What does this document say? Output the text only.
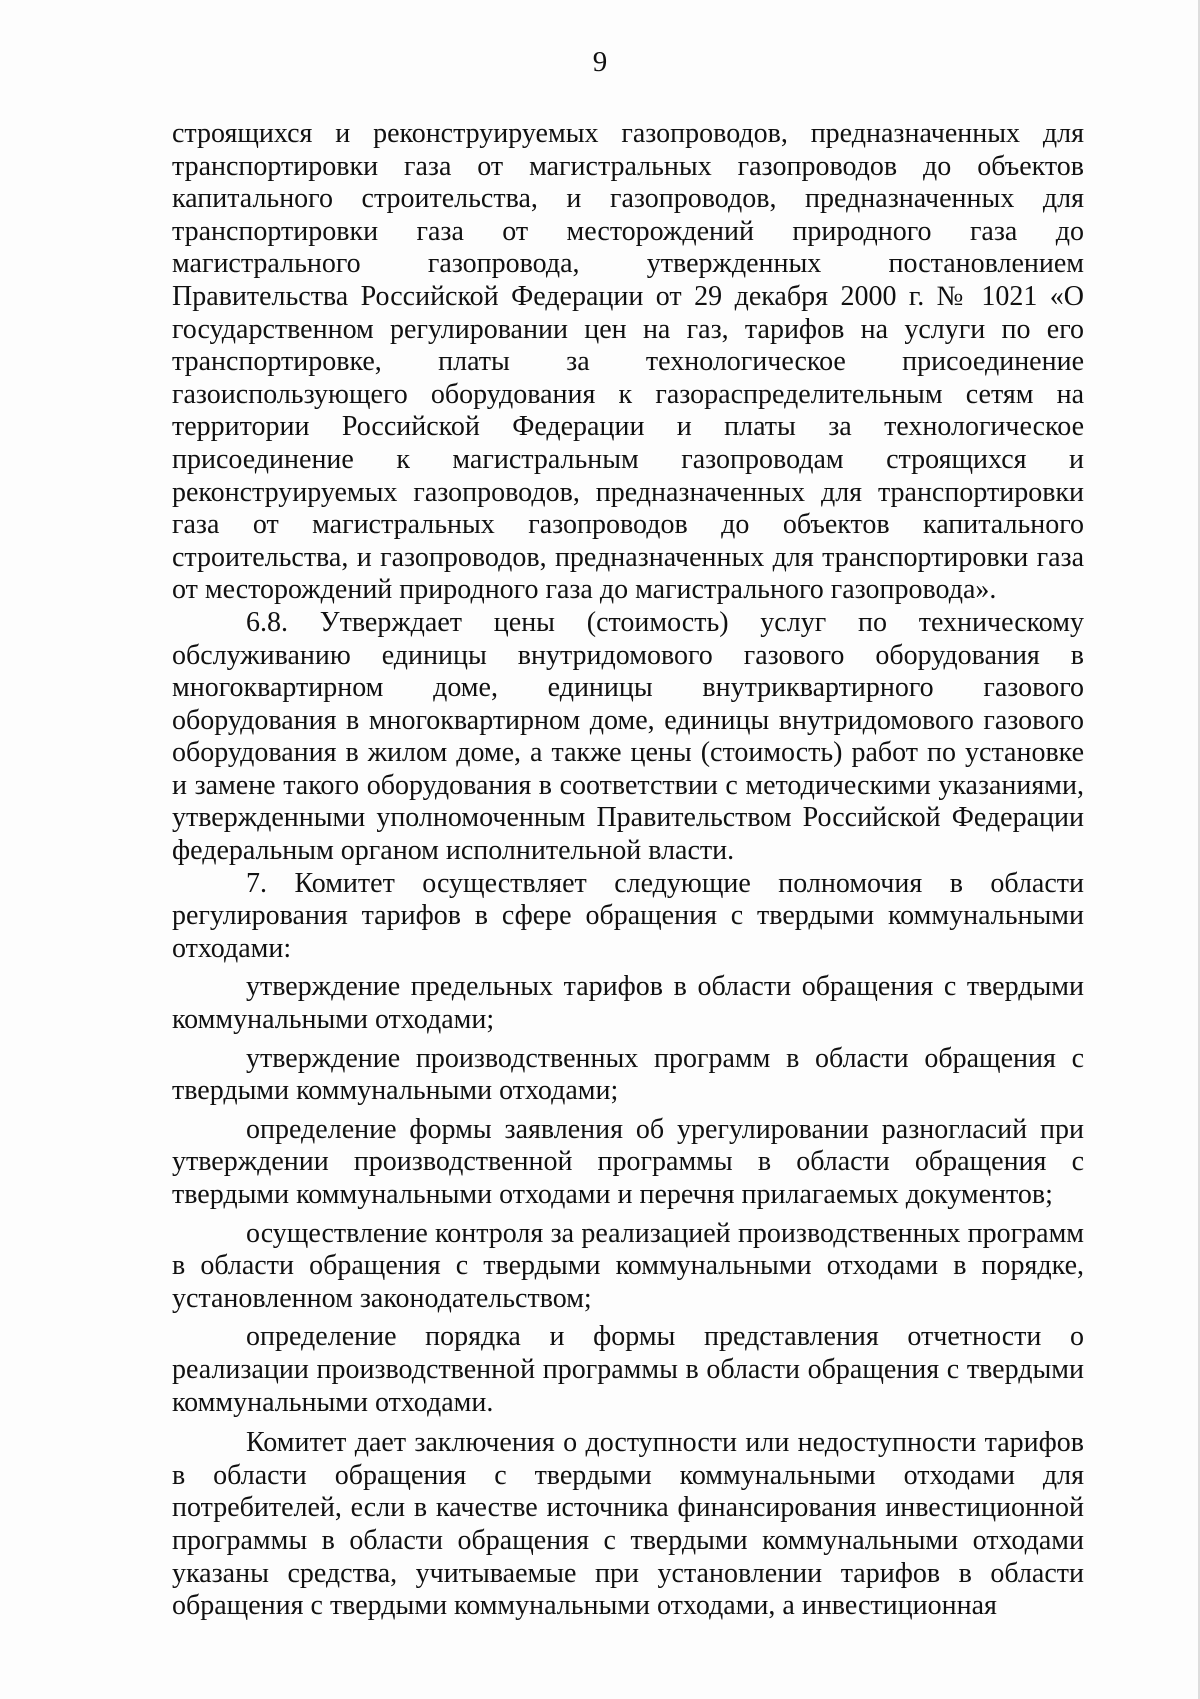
9

строящихся и реконструируемых газопроводов, предназначенных для транспортировки газа от магистральных газопроводов до объектов капитального строительства, и газопроводов, предназначенных для транспортировки газа от месторождений природного газа до магистрального газопровода, утвержденных постановлением Правительства Российской Федерации от 29 декабря 2000 г. № 1021 «О государственном регулировании цен на газ, тарифов на услуги по его транспортировке, платы за технологическое присоединение газоиспользующего оборудования к газораспределительным сетям на территории Российской Федерации и платы за технологическое присоединение к магистральным газопроводам строящихся и реконструируемых газопроводов, предназначенных для транспортировки газа от магистральных газопроводов до объектов капитального строительства, и газопроводов, предназначенных для транспортировки газа от месторождений природного газа до магистрального газопровода».

6.8. Утверждает цены (стоимость) услуг по техническому обслуживанию единицы внутридомового газового оборудования в многоквартирном доме, единицы внутриквартирного газового оборудования в многоквартирном доме, единицы внутридомового газового оборудования в жилом доме, а также цены (стоимость) работ по установке и замене такого оборудования в соответствии с методическими указаниями, утвержденными уполномоченным Правительством Российской Федерации федеральным органом исполнительной власти.

7. Комитет осуществляет следующие полномочия в области регулирования тарифов в сфере обращения с твердыми коммунальными отходами:

утверждение предельных тарифов в области обращения с твердыми коммунальными отходами;

утверждение производственных программ в области обращения с твердыми коммунальными отходами;

определение формы заявления об урегулировании разногласий при утверждении производственной программы в области обращения с твердыми коммунальными отходами и перечня прилагаемых документов;

осуществление контроля за реализацией производственных программ в области обращения с твердыми коммунальными отходами в порядке, установленном законодательством;

определение порядка и формы представления отчетности о реализации производственной программы в области обращения с твердыми коммунальными отходами.

Комитет дает заключения о доступности или недоступности тарифов в области обращения с твердыми коммунальными отходами для потребителей, если в качестве источника финансирования инвестиционной программы в области обращения с твердыми коммунальными отходами указаны средства, учитываемые при установлении тарифов в области обращения с твердыми коммунальными отходами, а инвестиционная
